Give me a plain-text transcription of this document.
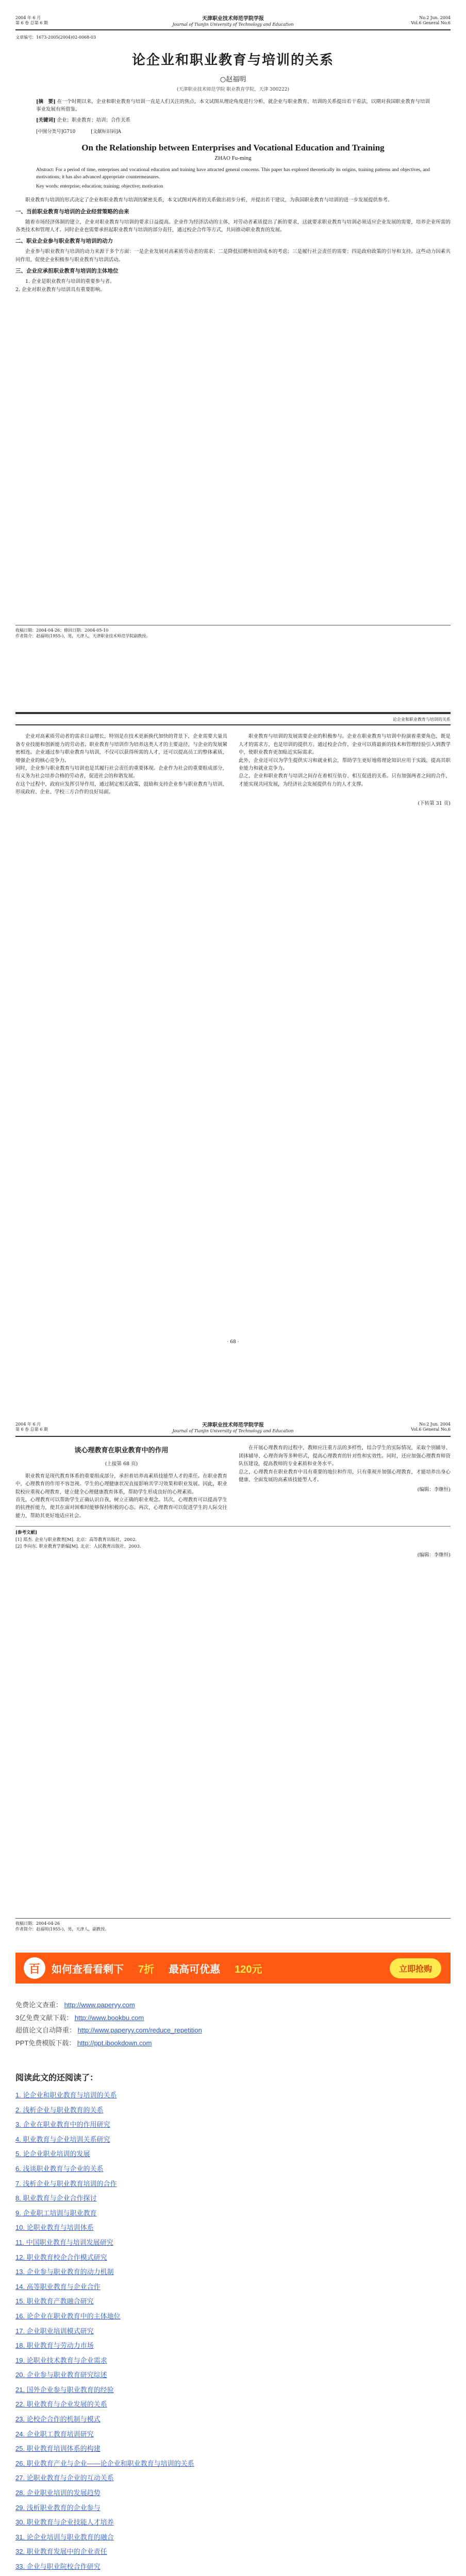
2004 年 6 月
第 6 卷 总第 6 期
天津职业技术师范学院学报
Journal of Tianjin University of Technology and Education
No.2 Jun. 2004
Vol.6 General No.6
文章编号：1673-2005(2004)02-0068-03
论企业和职业教育与培训的关系
○赵福明
(天津职业技术师范学院 职业教育学院，天津 300222)
[摘　要] 在一个时期以来，企业和职业教育与培训一直是人们关注的焦点，本文试图从理论角度进行分析，就企业与职业教育、培训的关系提出若干看法，以期对我国职业教育与培训事业发展有所借鉴。
[关键词] 企业；职业教育；培训；合作关系
[中图分类号]G710	[文献标识码]A
On the Relationship between Enterprises and Vocational Education and Training
ZHAO Fu-ming
Abstract: For a period of time, enterprises and vocational education and training have attracted general concerns. This paper has explored theoretically its origins, training patterns and objectives, and motivations; it has also advanced appropriate countermeasures.
Key words: enterprise; education; training; objective; motivation

职业教育与培训的形式决定了企业和职业教育与培训的紧密关系，本文试图对两者的关系做出初步分析，并提出若干建议，为我国职业教育与培训的进一步发展提供参考。

一、当前职业教育与培训的企业经营策略的由来

随着市场经济体制的建立，企业对职业教育与培训的要求日益提高。企业作为经济活动的主体，对劳动者素质提出了新的要求，这就要求职业教育与培训必须适应企业发展的需要，培养企业所需的各类技术和管理人才。同时企业也需要承担起职业教育与培训的部分责任，通过校企合作等方式，共同推动职业教育的发展。

二、职业企业参与职业教育与培训的动力

企业参与职业教育与培训的动力来源于多个方面：一是企业发展对高素质劳动者的需求；二是降低招聘和培训成本的考虑；三是履行社会责任的需要；四是政府政策的引导和支持。这些动力因素共同作用，促使企业积极参与职业教育与培训活动。

三、企业应承担职业教育与培训的主体地位

1. 企业是职业教育与培训的重要参与者。
2. 企业对职业教育与培训具有重要影响。

收稿日期：2004-04-26；修回日期：2004-05-10
作者简介：赵福明(1955-)，男，天津人，天津职业技术师范学院副教授。
论企业和职业教育与培训的关系

企业对高素质劳动者的需求日益增长，特别是在技术更新换代加快的背景下，企业需要大量具备专业技能和创新能力的劳动者。职业教育与培训作为培养这类人才的主要途径，与企业的发展紧密相连。企业通过参与职业教育与培训，不仅可以获得所需的人才，还可以提高员工的整体素质，增强企业的核心竞争力。
同时，企业参与职业教育与培训也是其履行社会责任的重要体现。企业作为社会的重要组成部分，有义务为社会培养合格的劳动者，促进社会的和谐发展。
在这个过程中，政府应发挥引导作用，通过制定相关政策，鼓励和支持企业参与职业教育与培训，形成政府、企业、学校三方合作的良好局面。

职业教育与培训的发展需要企业的积极参与。企业在职业教育与培训中扮演着重要角色，既是人才的需求方，也是培训的提供方。通过校企合作，企业可以将最新的技术和管理经验引入到教学中，使职业教育更加贴近实际需求。
此外，企业还可以为学生提供实习和就业机会，帮助学生更好地将理论知识应用于实践，提高其职业能力和就业竞争力。
总之，企业和职业教育与培训之间存在着相互依存、相互促进的关系。只有加强两者之间的合作，才能实现共同发展，为经济社会发展提供有力的人才支撑。

(下转第 31 页)
· 68 ·
2004 年 6 月
第 6 卷 总第 6 期
天津职业技术师范学院学报
Journal of Tianjin University of Technology and Education
No.2 Jun. 2004
Vol.6 General No.6
谈心理教育在职业教育中的作用
(上接第 68 页)

职业教育是现代教育体系的重要组成部分，承担着培养高素质技能型人才的重任。在职业教育中，心理教育的作用不容忽视。学生的心理健康状况直接影响其学习效果和职业发展。因此，职业院校应重视心理教育，建立健全心理健康教育体系，帮助学生形成良好的心理素质。
首先，心理教育可以帮助学生正确认识自我，树立正确的职业观念。其次，心理教育可以提高学生的抗挫折能力，使其在面对困难时能够保持积极的心态。再次，心理教育可以促进学生的人际交往能力，帮助其更好地适应社会。

在开展心理教育的过程中，教师应注重方法的多样性，结合学生的实际情况，采取个别辅导、团体辅导、心理咨询等多种形式，提高心理教育的针对性和实效性。同时，还应加强心理教育师资队伍建设，提高教师的专业素质和业务水平。
总之，心理教育在职业教育中具有重要的地位和作用，只有重视并加强心理教育，才能培养出身心健康、全面发展的高素质技能型人才。

(编辑：李继恒)
[参考文献]
[1] 郑杰. 企业与职业教育[M]. 北京：高等教育出版社，2002.
[2] 李向东. 职业教育学新编[M]. 北京：人民教育出版社，2003.
(编辑：李继恒)
收稿日期：2004-04-26
作者简介：赵福明(1955-)，男，天津人，副教授。
百	如何查看看剩下 7折 最高可优惠 120元	立即抢购
免费论文查重： http://www.paperyy.com
3亿免费文献下载： http://www.bookbu.com
超值论文自动降重： http://www.paperyy.com/reduce_repetition
PPT免费模版下载： http://ppt.ibookdown.com
阅读此文的还阅读了：
1. 论企业和职业教育与培训的关系
2. 浅析企业与职业教育的关系
3. 企业在职业教育中的作用研究
4. 职业教育与企业培训关系研究
5. 论企业职业培训的发展
6. 浅谈职业教育与企业的关系
7. 浅析企业与职业教育培训的合作
8. 职业教育与企业合作探讨
9. 企业职工培训与职业教育
10. 论职业教育与培训体系
11. 中国职业教育与培训发展研究
12. 职业教育校企合作模式研究
13. 企业参与职业教育的动力机制
14. 高等职业教育与企业合作
15. 职业教育产教融合研究
16. 论企业在职业教育中的主体地位
17. 企业职业培训模式研究
18. 职业教育与劳动力市场
19. 论职业技术教育与企业需求
20. 企业参与职业教育研究综述
21. 国外企业参与职业教育的经验
22. 职业教育与企业发展的关系
23. 论校企合作的机制与模式
24. 企业职工教育培训研究
25. 职业教育培训体系的构建
26. 职业教育产业与企业——论企业和职业教育与培训的关系
27. 论职业教育与企业的互动关系
28. 企业职业培训的发展趋势
29. 浅析职业教育的企业参与
30. 职业教育与企业技能人才培养
31. 论企业培训与职业教育的融合
32. 职业教育发展中的企业责任
33. 企业与职业院校合作研究
